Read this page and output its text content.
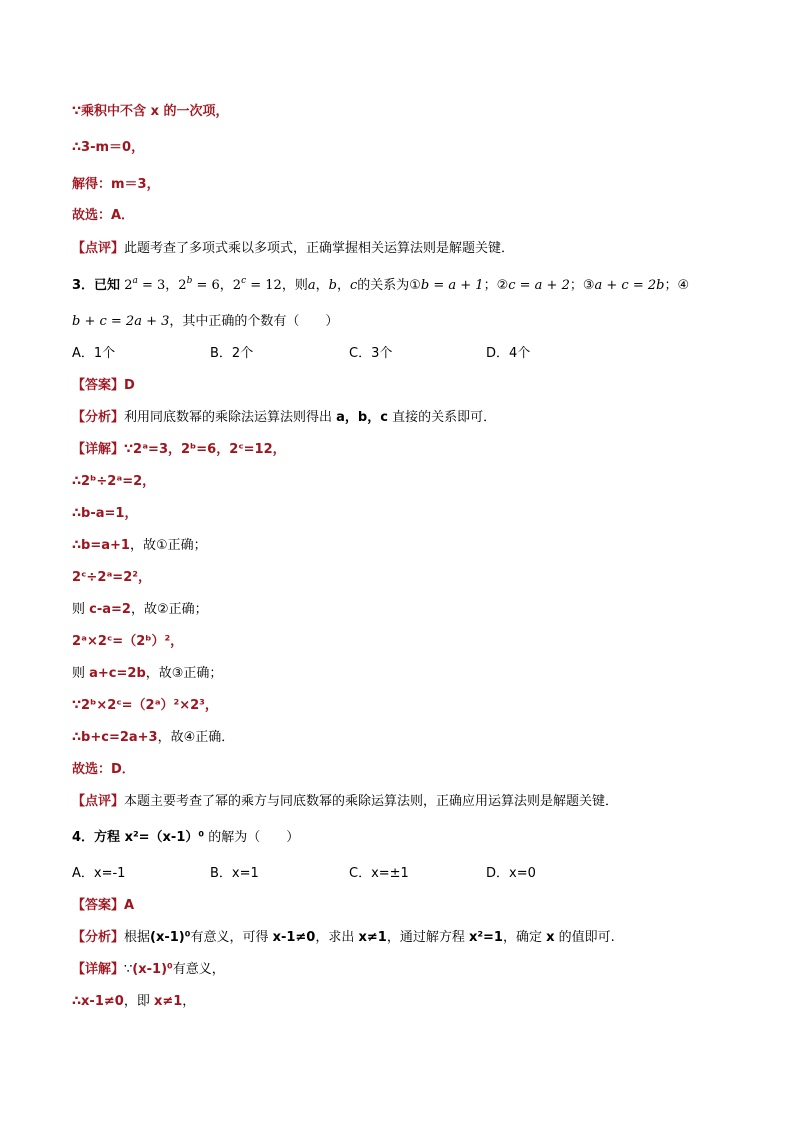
∵乘积中不含 x 的一次项，
∴3-m＝0，
解得：m＝3，
故选：A．
【点评】此题考查了多项式乘以多项式，正确掌握相关运算法则是解题关键．
3．已知 $2^a = 3$，$2^b = 6$，$2^c = 12$，则a，b，c的关系为①b = a + 1；②c = a + 2；③a + c = 2b；④
b + c = 2a + 3，其中正确的个数有（　　）
A．1个	B．2个	C．3个	D．4个
【答案】D
【分析】利用同底数幂的乘除法运算法则得出 a，b，c 直接的关系即可．
【详解】∵2ᵃ=3，2ᵇ=6，2ᶜ=12，
∴2ᵇ÷2ᵃ=2，
∴b-a=1，
∴b=a+1，故①正确；
2ᶜ÷2ᵃ=2²，
则 c-a=2，故②正确；
2ᵃ×2ᶜ=（2ᵇ）²，
则 a+c=2b，故③正确；
∵2ᵇ×2ᶜ=（2ᵃ）²×2³，
∴b+c=2a+3，故④正确．
故选：D．
【点评】本题主要考查了幂的乘方与同底数幂的乘除运算法则，正确应用运算法则是解题关键．
4．方程 x²=（x-1）⁰ 的解为（　　）
A．x=-1	B．x=1	C．x=±1	D．x=0
【答案】A
【分析】根据(x-1)⁰有意义，可得 x-1≠0，求出 x≠1，通过解方程 x²=1，确定 x 的值即可.
【详解】∵(x-1)⁰有意义，
∴x-1≠0，即 x≠1，
